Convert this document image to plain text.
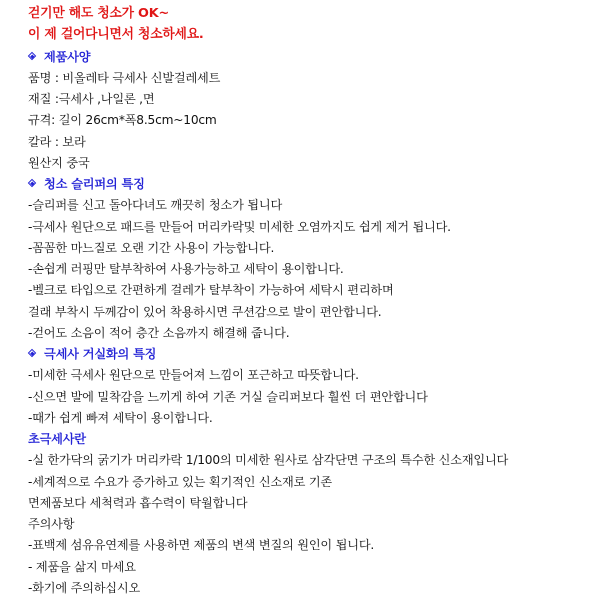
걷기만 해도 청소가 OK~
이 제 걸어다니면서 청소하세요.
제품사양
품명 : 비올레타 극세사 신발걸레세트
재질 :극세사 ,나일론 ,면
규격: 길이 26cm*폭8.5cm~10cm
칼라 : 보라
원산지 중국
청소 슬리퍼의 특징
-슬리퍼를 신고 돌아다녀도 깨끗히 청소가 됩니다
-극세사 원단으로 패드를 만들어 머리카락및 미세한 오염까지도 쉽게 제거 됩니다.
-꼼꼼한 마느질로 오랜 기간 사용이 가능합니다.
-손쉽게 러핑만 탈부착하여 사용가능하고 세탁이 용이합니다.
-벨크로 타입으로 간편하게 걸레가 탈부착이 가능하여 세탁시 편리하며
걸래 부착시 두께감이 있어 착용하시면 쿠션감으로 발이 편안합니다.
-걷어도 소음이 적어 층간 소음까지 해결해 줍니다.
극세사 거실화의 특징
-미세한 극세사 원단으로 만들어져 느낌이 포근하고 따뜻합니다.
-신으면 발에 밀착감을 느끼게 하여 기존 거실 슬리퍼보다 훨씬 더 편안합니다
-때가 쉽게 빠져 세탁이 용이합니다.
초극세사란
-실 한가닥의 굵기가 머리카락 1/100의 미세한 원사로 삼각단면 구조의 특수한 신소재입니다
-세계적으로 수요가 증가하고 있는 획기적인 신소재로 기존
면제품보다 세척력과 흡수력이 탁월합니다
주의사항
-표백제 섬유유연제를 사용하면 제품의 변색 변질의 원인이 됩니다.
- 제품을 삶지 마세요
-화기에 주의하십시오
